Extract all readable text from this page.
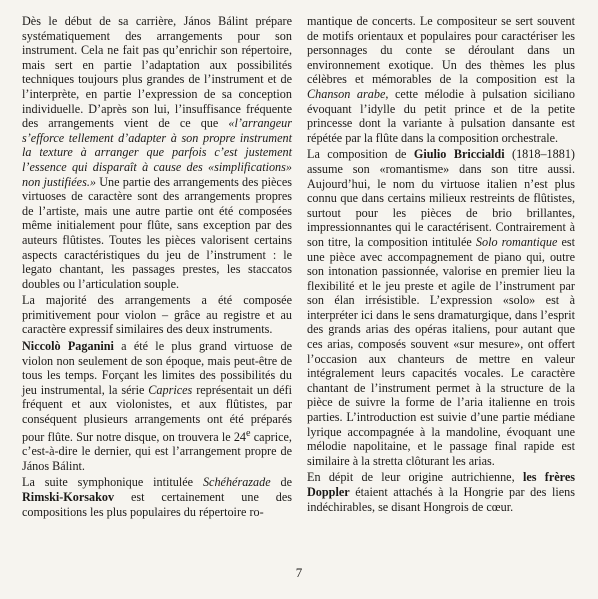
Dès le début de sa carrière, János Bálint prépare systématiquement des arrangements pour son instrument. Cela ne fait pas qu’enrichir son répertoire, mais sert en partie l’adaptation aux possibilités techniques toujours plus grandes de l’instrument et de l’interprète, en partie l’expression de sa conception individuelle. D’après son lui, l’insuffisance fréquente des arrangements vient de ce que «l’arrangeur s’efforce tellement d’adapter à son propre instrument la texture à arranger que parfois c’est justement l’essence qui disparaît à cause des «simplifications» non justifiées.» Une partie des arrangements des pièces virtuoses de caractère sont des arrangements propres de l’artiste, mais une autre partie ont été composées même initialement pour flûte, sans exception par des auteurs flûtistes. Toutes les pièces valorisent certains aspects caractéristiques du jeu de l’instrument : le legato chantant, les passages prestes, les staccatos doubles ou l’articulation souple.

La majorité des arrangements a été composée primitivement pour violon – grâce au registre et au caractère expressif similaires des deux instruments.

Niccolò Paganini a été le plus grand virtuose de violon non seulement de son époque, mais peut-être de tous les temps. Forçant les limites des possibilités du jeu instrumental, la série Caprices représentait un défi fréquent et aux violonistes, et aux flûtistes, par conséquent plusieurs arrangements ont été préparés pour flûte. Sur notre disque, on trouvera le 24e caprice, c’est-à-dire le dernier, qui est l’arrangement propre de János Bálint.

La suite symphonique intitulée Schéhérazade de Rimski-Korsakov est certainement une des compositions les plus populaires du répertoire ro-

mantique de concerts. Le compositeur se sert souvent de motifs orientaux et populaires pour caractériser les personnages du conte se déroulant dans un environnement exotique. Un des thèmes les plus célèbres et mémorables de la composition est la Chanson arabe, cette mélodie à pulsation siciliano évoquant l’idylle du petit prince et de la petite princesse dont la variante à pulsation dansante est répétée par la flûte dans la composition orchestrale.

La composition de Giulio Briccialdi (1818–1881) assume son «romantisme» dans son titre aussi. Aujourd’hui, le nom du virtuose italien n’est plus connu que dans certains milieux restreints de flûtistes, surtout pour les pièces de brio brillantes, impressionnantes qui le caractérisent. Contrairement à son titre, la composition intitulée Solo romantique est une pièce avec accompagnement de piano qui, outre son intonation passionnée, valorise en premier lieu la flexibilité et le jeu preste et agile de l’instrument par son élan irrésistible. L’expression «solo» est à interpréter ici dans le sens dramaturgique, dans l’esprit des grands arias des opéras italiens, pour autant que ces arias, composés souvent «sur mesure», ont offert l’occasion aux chanteurs de mettre en valeur intégralement leurs capacités vocales. Le caractère chantant de l’instrument permet à la structure de la pièce de suivre la forme de l’aria italienne en trois parties. L’introduction est suivie d’une partie médiane lyrique accompagnée à la mandoline, évoquant une mélodie napolitaine, et le passage final rapide est similaire à la stretta clôturant les arias.

En dépit de leur origine autrichienne, les frères Doppler étaient attachés à la Hongrie par des liens indéchirables, se disant Hongrois de cœur.

7
